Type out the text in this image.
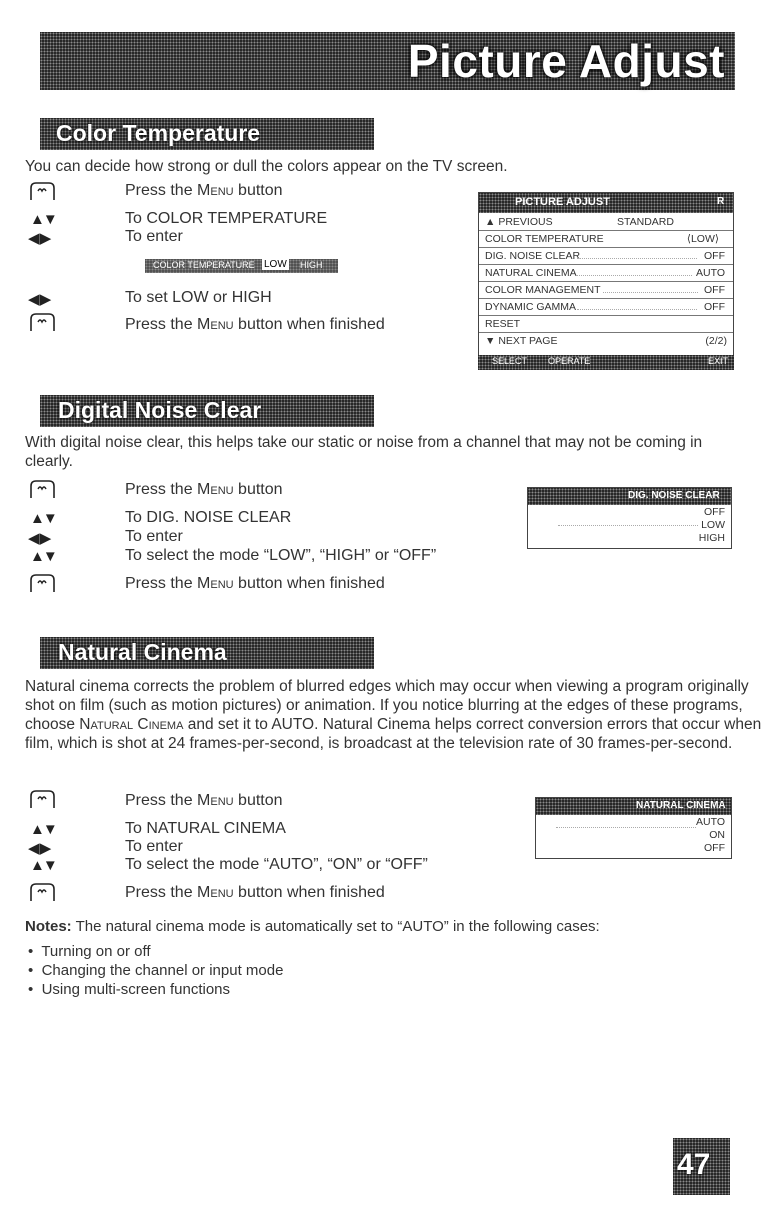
Picture Adjust
Color Temperature
You can decide how strong or dull the colors appear on the TV screen.
Press the Menu button
▲▼	To COLOR TEMPERATURE
◀ ▶	To enter
COLOR TEMPERATURE LOW HIGH
◀ ▶	To set LOW or HIGH
Press the Menu button when finished
PICTURE ADJUST	R
▲ PREVIOUS	STANDARD
COLOR TEMPERATURE	⟨LOW⟩
DIG. NOISE CLEAR	OFF
NATURAL CINEMA	AUTO
COLOR MANAGEMENT	OFF
DYNAMIC GAMMA	OFF
RESET
▼ NEXT PAGE	(2/2)
SELECT OPERATE	EXIT
Digital Noise Clear
With digital noise clear, this helps take our static or noise from a channel that may not be coming in clearly.
Press the Menu button
▲▼	To DIG. NOISE CLEAR
◀ ▶	To enter
▲▼	To select the mode “LOW”, “HIGH” or “OFF”
Press the Menu button when finished
DIG. NOISE CLEAR
OFF
LOW
HIGH
Natural Cinema
Natural cinema corrects the problem of blurred edges which may occur when viewing a program originally shot on film (such as motion pictures) or animation. If you notice blurring at the edges of these programs, choose Natural Cinema and set it to AUTO. Natural Cinema helps correct conversion errors that occur when film, which is shot at 24 frames-per-second, is broadcast at the television rate of 30 frames-per-second.
Press the Menu button
▲▼	To NATURAL CINEMA
◀ ▶	To enter
▲▼	To select the mode “AUTO”, “ON” or “OFF”
Press the Menu button when finished
NATURAL CINEMA
AUTO
ON
OFF
Notes: The natural cinema mode is automatically set to “AUTO” in the following cases:
•  Turning on or off
•  Changing the channel or input mode
•  Using multi-screen functions
47
